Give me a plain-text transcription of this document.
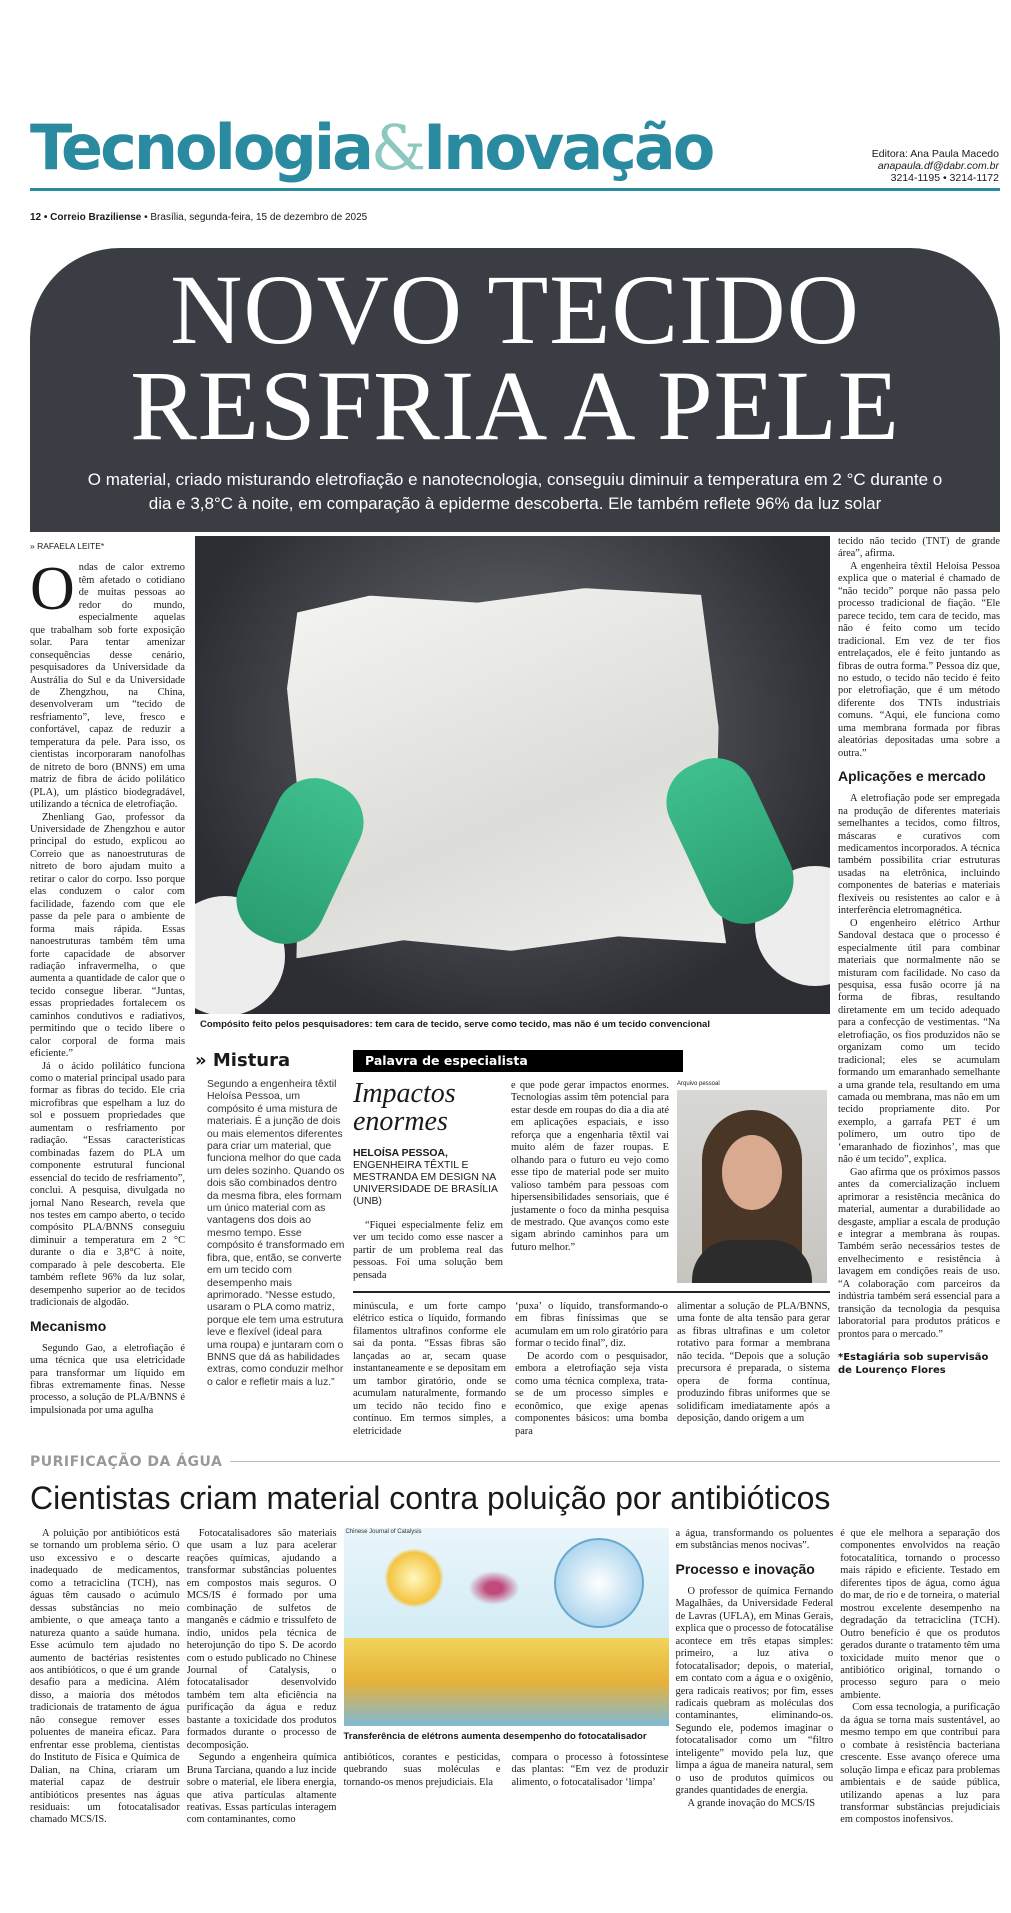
Tecnologia&Inovação	Editora: Ana Paula Macedo
anapaula.df@dabr.com.br
3214-1195 • 3214-1172
12 • Correio Braziliense • Brasília, segunda-feira, 15 de dezembro de 2025
NOVO TECIDO
RESFRIA A PELE
O material, criado misturando eletrofiação e nanotecnologia, conseguiu diminuir a temperatura em 2 °C durante o dia e 3,8°C à noite, em comparação à epiderme descoberta. Ele também reflete 96% da luz solar
» RAFAELA LEITE*

Ondas de calor extremo têm afetado o cotidiano de muitas pessoas ao redor do mundo, especialmente aquelas que trabalham sob forte exposição solar. Para tentar amenizar consequências desse cenário, pesquisadores da Universidade da Austrália do Sul e da Universidade de Zhengzhou, na China, desenvolveram um “tecido de resfriamento”, leve, fresco e confortável, capaz de reduzir a temperatura da pele. Para isso, os cientistas incorporaram nanofolhas de nitreto de boro (BNNS) em uma matriz de fibra de ácido polilático (PLA), um plástico biodegradável, utilizando a técnica de eletrofiação.

Zhenliang Gao, professor da Universidade de Zhengzhou e autor principal do estudo, explicou ao Correio que as nanoestruturas de nitreto de boro ajudam muito a retirar o calor do corpo. Isso porque elas conduzem o calor com facilidade, fazendo com que ele passe da pele para o ambiente de forma mais rápida. Essas nanoestruturas também têm uma forte capacidade de absorver radiação infravermelha, o que aumenta a quantidade de calor que o tecido consegue liberar. “Juntas, essas propriedades fortalecem os caminhos condutivos e radiativos, permitindo que o tecido libere o calor corporal de forma mais eficiente.”

Já o ácido polilático funciona como o material principal usado para formar as fibras do tecido. Ele cria microfibras que espelham a luz do sol e possuem propriedades que aumentam o resfriamento por radiação. “Essas características combinadas fazem do PLA um componente estrutural funcional essencial do tecido de resfriamento”, conclui. A pesquisa, divulgada no jornal Nano Research, revela que nos testes em campo aberto, o tecido compósito PLA/BNNS conseguiu diminuir a temperatura em 2 °C durante o dia e 3,8°C à noite, comparado à pele descoberta. Ele também reflete 96% da luz solar, desempenho superior ao de tecidos tradicionais de algodão.

Mecanismo

Segundo Gao, a eletrofiação é uma técnica que usa eletricidade para transformar um líquido em fibras extremamente finas. Nesse processo, a solução de PLA/BNNS é impulsionada por uma agulha

Compósito feito pelos pesquisadores: tem cara de tecido, serve como tecido, mas não é um tecido convencional
» Mistura
Segundo a engenheira têxtil Heloísa Pessoa, um compósito é uma mistura de materiais. É a junção de dois ou mais elementos diferentes para criar um material, que funciona melhor do que cada um deles sozinho. Quando os dois são combinados dentro da mesma fibra, eles formam um único material com as vantagens dos dois ao mesmo tempo. Esse compósito é transformado em fibra, que, então, se converte em um tecido com desempenho mais aprimorado. “Nesse estudo, usaram o PLA como matriz, porque ele tem uma estrutura leve e flexível (ideal para uma roupa) e juntaram com o BNNS que dá as habilidades extras, como conduzir melhor o calor e refletir mais a luz.”
Palavra de especialista
Impactos enormes
HELOÍSA PESSOA, ENGENHEIRA TÊXTIL E MESTRANDA EM DESIGN NA UNIVERSIDADE DE BRASÍLIA (UNB)

“Fiquei especialmente feliz em ver um tecido como esse nascer a partir de um problema real das pessoas. Foi uma solução bem pensada

e que pode gerar impactos enormes. Tecnologias assim têm potencial para estar desde em roupas do dia a dia até em aplicações espaciais, e isso reforça que a engenharia têxtil vai muito além de fazer roupas. E olhando para o futuro eu vejo como esse tipo de material pode ser muito valioso também para pessoas com hipersensibilidades sensoriais, que é justamente o foco da minha pesquisa de mestrado. Que avanços como este sigam abrindo caminhos para um futuro melhor.”

Arquivo pessoal

minúscula, e um forte campo elétrico estica o líquido, formando filamentos ultrafinos conforme ele sai da ponta. “Essas fibras são lançadas ao ar, secam quase instantaneamente e se depositam em um tambor giratório, onde se acumulam naturalmente, formando um tecido não tecido fino e contínuo. Em termos simples, a eletricidade

‘puxa’ o líquido, transformando-o em fibras finíssimas que se acumulam em um rolo giratório para formar o tecido final”, diz.

De acordo com o pesquisador, embora a eletrofiação seja vista como uma técnica complexa, trata-se de um processo simples e econômico, que exige apenas componentes básicos: uma bomba para

alimentar a solução de PLA/BNNS, uma fonte de alta tensão para gerar as fibras ultrafinas e um coletor rotativo para formar a membrana não tecida. “Depois que a solução precursora é preparada, o sistema opera de forma contínua, produzindo fibras uniformes que se solidificam imediatamente após a deposição, dando origem a um

tecido não tecido (TNT) de grande área”, afirma.

A engenheira têxtil Heloísa Pessoa explica que o material é chamado de “não tecido” porque não passa pelo processo tradicional de fiação. “Ele parece tecido, tem cara de tecido, mas não é feito como um tecido tradicional. Em vez de ter fios entrelaçados, ele é feito juntando as fibras de outra forma.” Pessoa diz que, no estudo, o tecido não tecido é feito por eletrofiação, que é um método diferente dos TNTs industriais comuns. “Aqui, ele funciona como uma membrana formada por fibras aleatórias depositadas uma sobre a outra.”

Aplicações e mercado

A eletrofiação pode ser empregada na produção de diferentes materiais semelhantes a tecidos, como filtros, máscaras e curativos com medicamentos incorporados. A técnica também possibilita criar estruturas usadas na eletrônica, incluindo componentes de baterias e materiais flexíveis ou resistentes ao calor e à interferência eletromagnética.

O engenheiro elétrico Arthur Sandoval destaca que o processo é especialmente útil para combinar materiais que normalmente não se misturam com facilidade. No caso da pesquisa, essa fusão ocorre já na forma de fibras, resultando diretamente em um tecido adequado para a confecção de vestimentas. “Na eletrofiação, os fios produzidos não se organizam como um tecido tradicional; eles se acumulam formando um emaranhado semelhante a uma grande tela, resultando em uma camada ou membrana, mas não em um tecido propriamente dito. Por exemplo, a garrafa PET é um polímero, um outro tipo de ‘emaranhado de fiozinhos’, mas que não é um tecido”, explica.

Gao afirma que os próximos passos antes da comercialização incluem aprimorar a resistência mecânica do material, aumentar a durabilidade ao desgaste, ampliar a escala de produção e integrar a membrana às roupas. Também serão necessários testes de envelhecimento e resistência à lavagem em condições reais de uso. “A colaboração com parceiros da indústria também será essencial para a transição da tecnologia da pesquisa laboratorial para produtos práticos e prontos para o mercado.”

*Estagiária sob supervisão de Lourenço Flores
PURIFICAÇÃO DA ÁGUA
Cientistas criam material contra poluição por antibióticos

A poluição por antibióticos está se tornando um problema sério. O uso excessivo e o descarte inadequado de medicamentos, como a tetraciclina (TCH), nas águas têm causado o acúmulo dessas substâncias no meio ambiente, o que ameaça tanto a natureza quanto a saúde humana. Esse acúmulo tem ajudado no aumento de bactérias resistentes aos antibióticos, o que é um grande desafio para a medicina. Além disso, a maioria dos métodos tradicionais de tratamento de água não consegue remover esses poluentes de maneira eficaz. Para enfrentar esse problema, cientistas do Instituto de Física e Química de Dalian, na China, criaram um material capaz de destruir antibióticos presentes nas águas residuais: um fotocatalisador chamado MCS/IS.

Fotocatalisadores são materiais que usam a luz para acelerar reações químicas, ajudando a transformar substâncias poluentes em compostos mais seguros. O MCS/IS é formado por uma combinação de sulfetos de manganês e cádmio e trissulfeto de índio, unidos pela técnica de heterojunção do tipo S. De acordo com o estudo publicado no Chinese Journal of Catalysis, o fotocatalisador desenvolvido também tem alta eficiência na purificação da água e reduz bastante a toxicidade dos produtos formados durante o processo de decomposição.

Segundo a engenheira química Bruna Tarciana, quando a luz incide sobre o material, ele libera energia, que ativa partículas altamente reativas. Essas partículas interagem com contaminantes, como

Chinese Journal of Catalysis
Transferência de elétrons aumenta desempenho do fotocatalisador

antibióticos, corantes e pesticidas, quebrando suas moléculas e tornando-os menos prejudiciais. Ela

compara o processo à fotossíntese das plantas: “Em vez de produzir alimento, o fotocatalisador ‘limpa’

a água, transformando os poluentes em substâncias menos nocivas”.

Processo e inovação

O professor de química Fernando Magalhães, da Universidade Federal de Lavras (UFLA), em Minas Gerais, explica que o processo de fotocatálise acontece em três etapas simples: primeiro, a luz ativa o fotocatalisador; depois, o material, em contato com a água e o oxigênio, gera radicais reativos; por fim, esses radicais quebram as moléculas dos contaminantes, eliminando-os. Segundo ele, podemos imaginar o fotocatalisador como um “filtro inteligente” movido pela luz, que limpa a água de maneira natural, sem o uso de produtos químicos ou grandes quantidades de energia.

A grande inovação do MCS/IS

é que ele melhora a separação dos componentes envolvidos na reação fotocatalítica, tornando o processo mais rápido e eficiente. Testado em diferentes tipos de água, como água do mar, de rio e de torneira, o material mostrou excelente desempenho na degradação da tetraciclina (TCH). Outro benefício é que os produtos gerados durante o tratamento têm uma toxicidade muito menor que o antibiótico original, tornando o processo seguro para o meio ambiente.

Com essa tecnologia, a purificação da água se torna mais sustentável, ao mesmo tempo em que contribui para o combate à resistência bacteriana crescente. Esse avanço oferece uma solução limpa e eficaz para problemas ambientais e de saúde pública, utilizando apenas a luz para transformar substâncias prejudiciais em compostos inofensivos.
